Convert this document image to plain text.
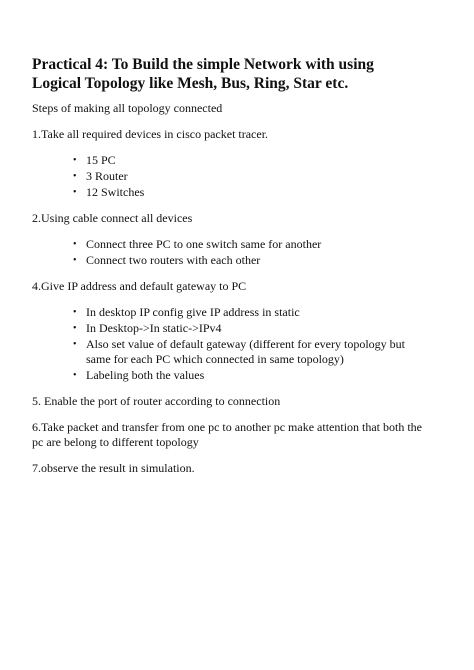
Practical 4: To Build the simple Network with using Logical Topology like Mesh, Bus, Ring, Star etc.
Steps of making all topology connected
1.Take all required devices in cisco packet tracer.
• 15 PC
• 3 Router
• 12 Switches
2.Using cable connect all devices
• Connect three PC to one switch same for another
• Connect two routers with each other
4.Give IP address and default gateway to PC
• In desktop IP config give IP address in static
• In Desktop->In static->IPv4
• Also set value of default gateway (different for every topology but same for each PC which connected in same topology)
• Labeling both the values
5. Enable the port of router according to connection
6.Take packet and transfer from one pc to another pc make attention that both the pc are belong to different topology
7.observe the result in simulation.
